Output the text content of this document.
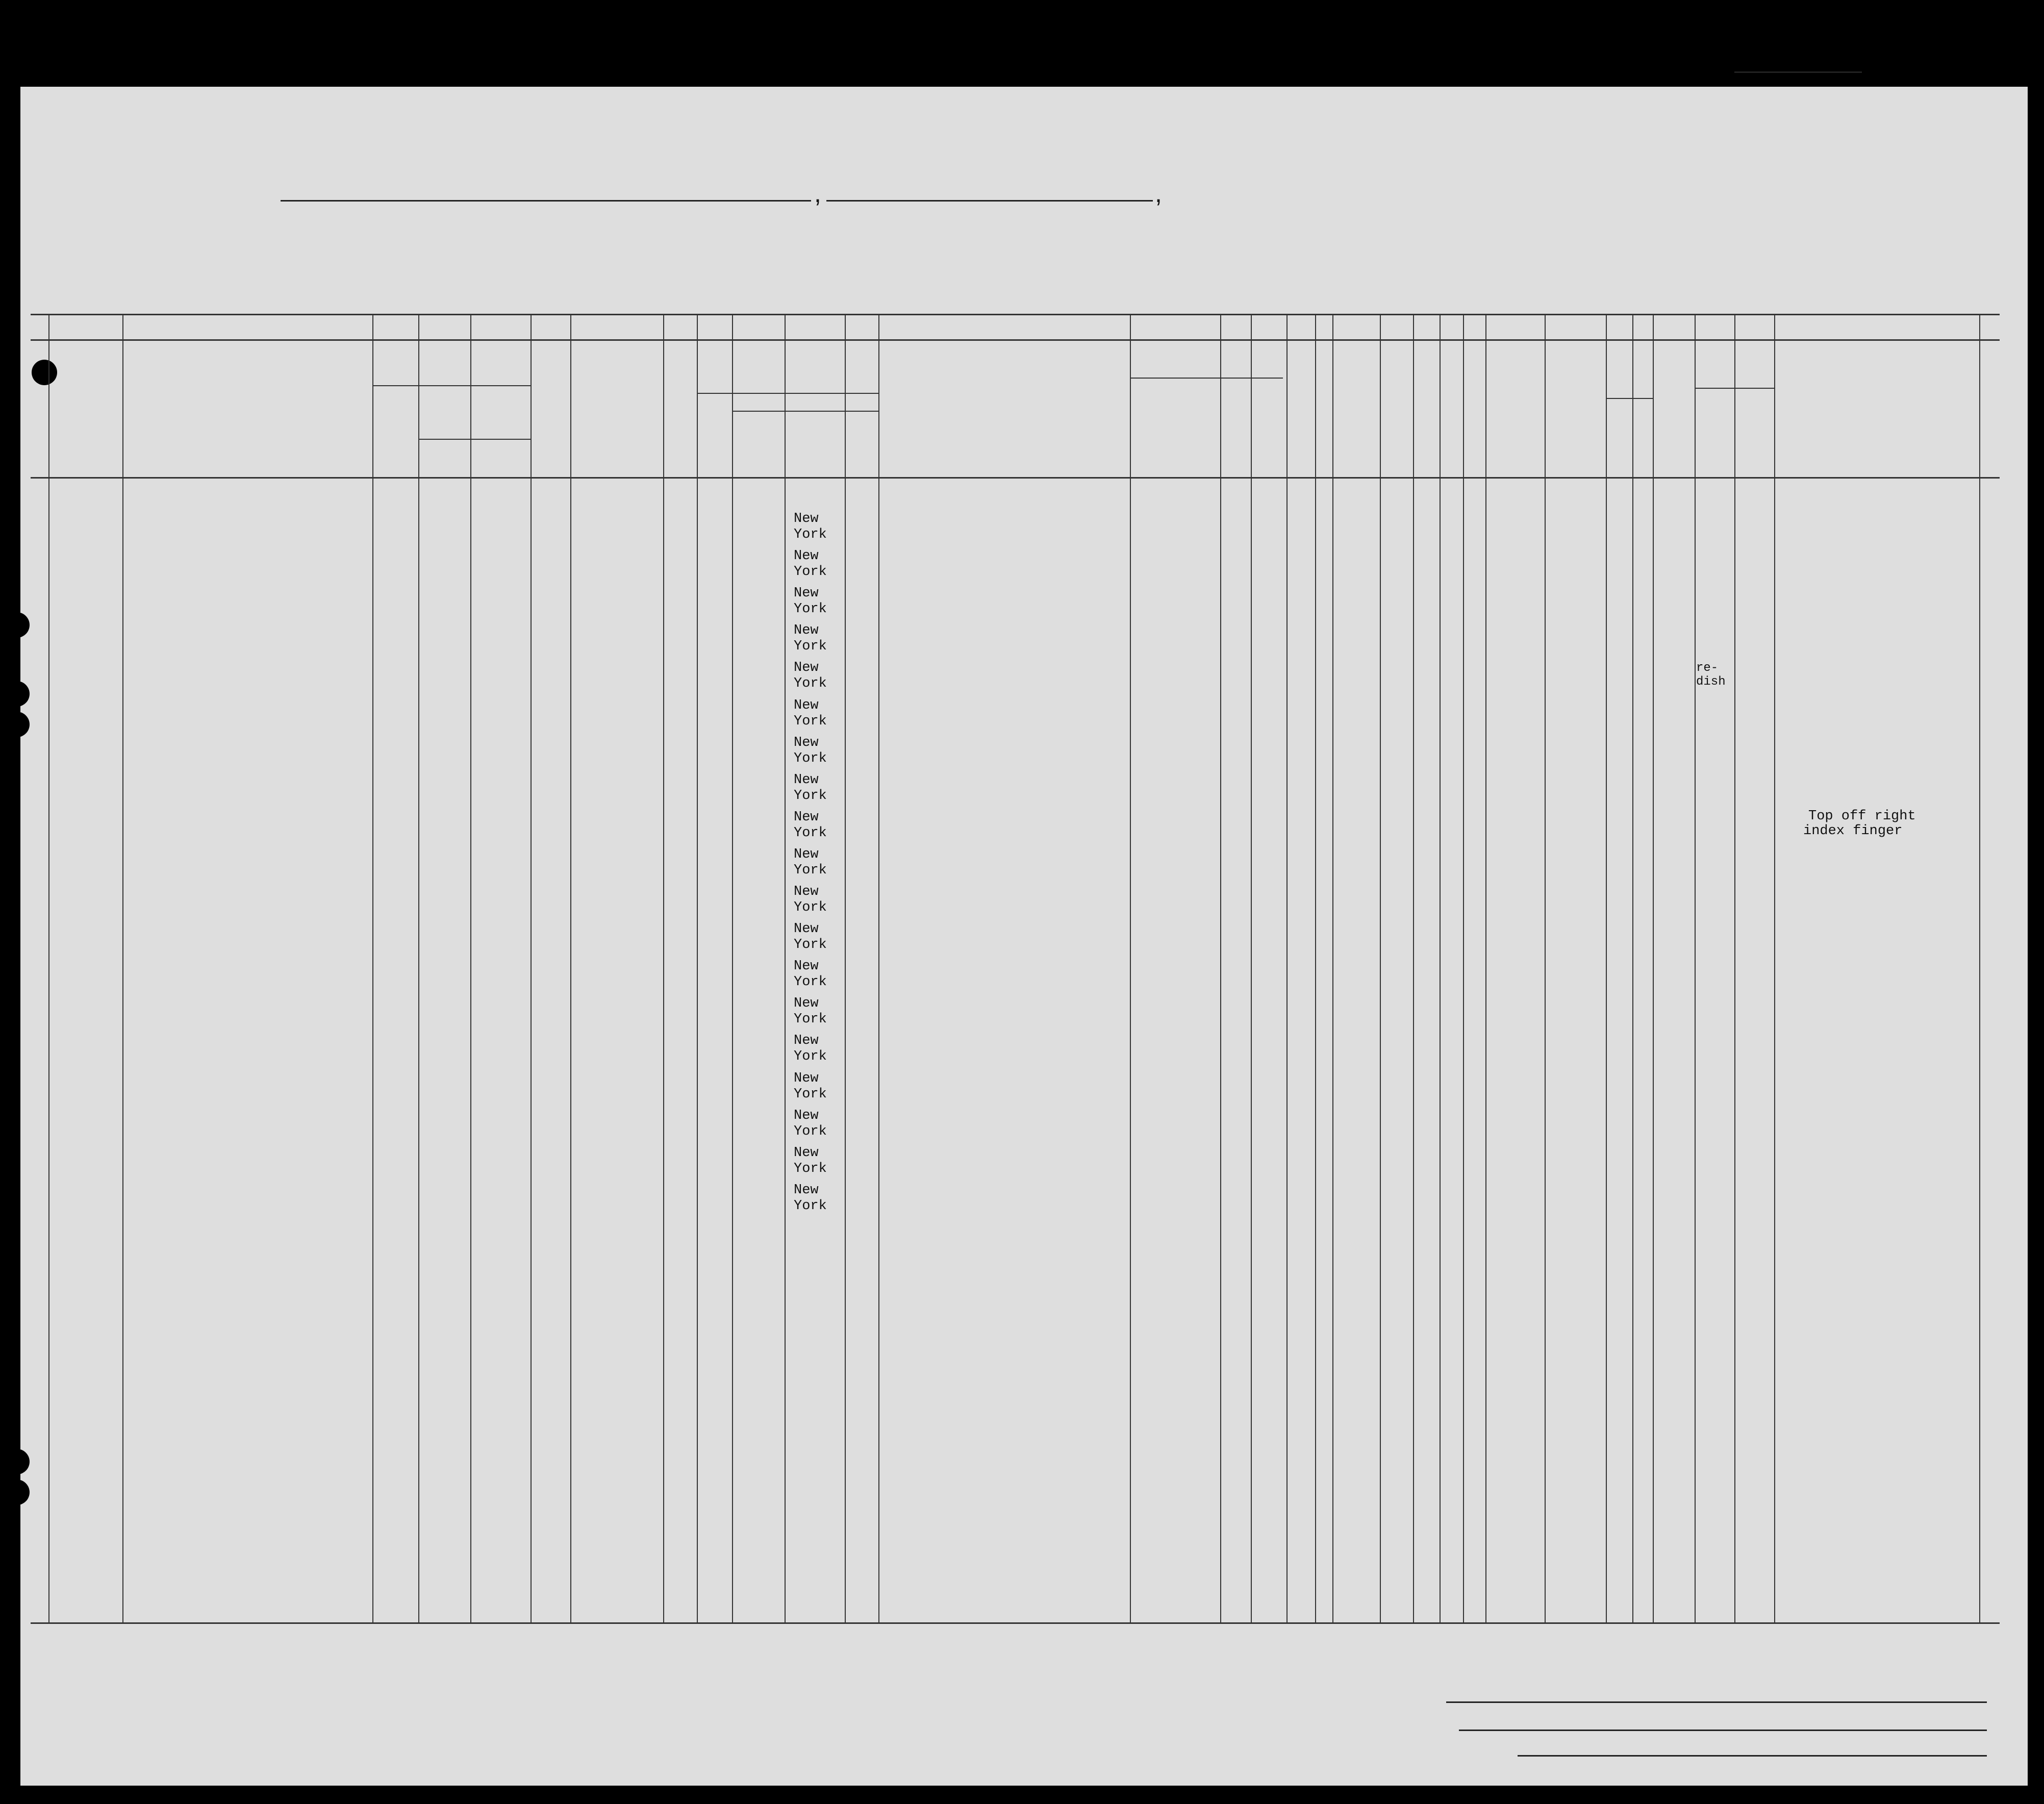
,	,
New
York
New
York
New
York
New
York
New
York
re-
dish
New
York
New
York
New
York
New
York
Top off right
index finger
New
York
New
York
New
York
New
York
New
York
New
York
New
York
New
York
New
York
New
York
